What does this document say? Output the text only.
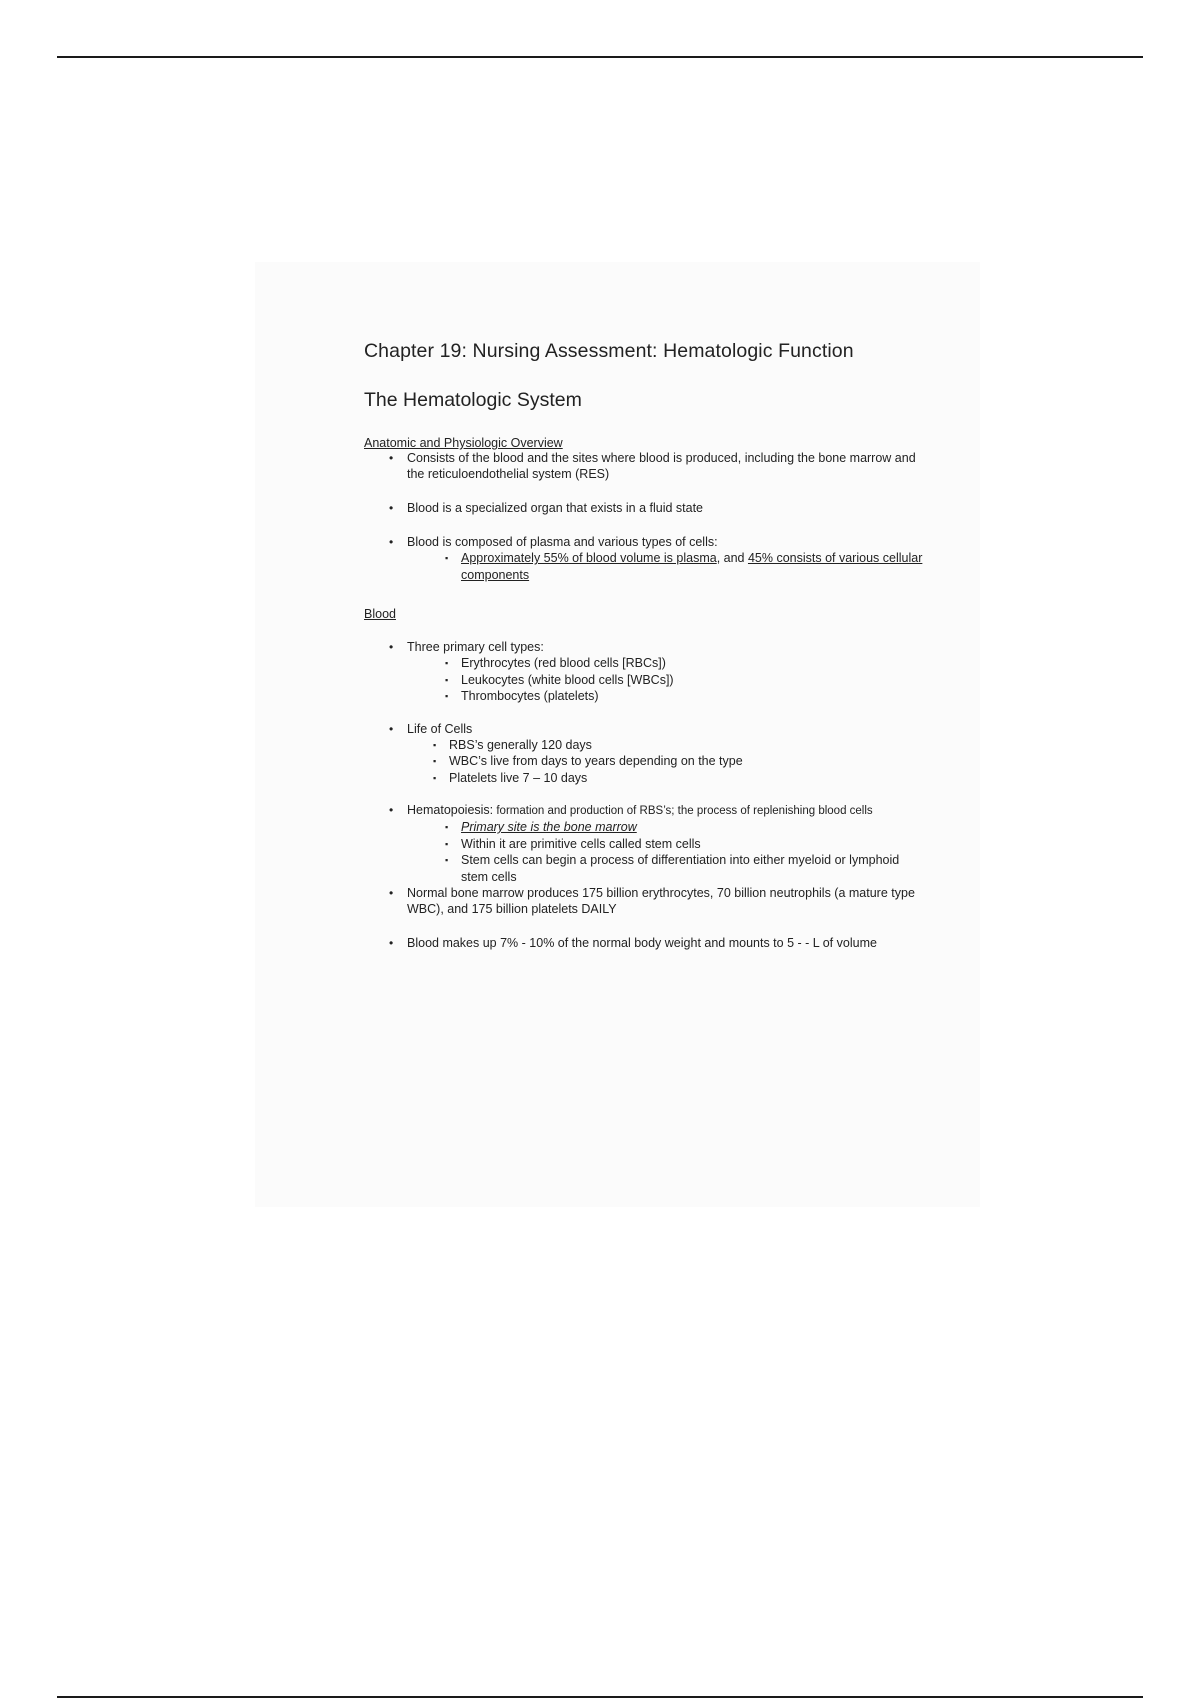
Chapter 19: Nursing Assessment: Hematologic Function
The Hematologic System
Anatomic and Physiologic Overview
• Consists of the blood and the sites where blood is produced, including the bone marrow and the reticuloendothelial system (RES)
• Blood is a specialized organ that exists in a fluid state
• Blood is composed of plasma and various types of cells:
▪ Approximately 55% of blood volume is plasma, and 45% consists of various cellular components
Blood
• Three primary cell types:
▪ Erythrocytes (red blood cells [RBCs])
▪ Leukocytes (white blood cells [WBCs])
▪ Thrombocytes (platelets)
• Life of Cells
▪ RBS’s generally 120 days
▪ WBC’s live from days to years depending on the type
▪ Platelets live 7 – 10 days
• Hematopoiesis: formation and production of RBS’s; the process of replenishing blood cells
▪ Primary site is the bone marrow
▪ Within it are primitive cells called stem cells
▪ Stem cells can begin a process of differentiation into either myeloid or lymphoid stem cells
• Normal bone marrow produces 175 billion erythrocytes, 70 billion neutrophils (a mature type WBC), and 175 billion platelets DAILY
• Blood makes up 7% - 10% of the normal body weight and mounts to 5 - - L of volume
